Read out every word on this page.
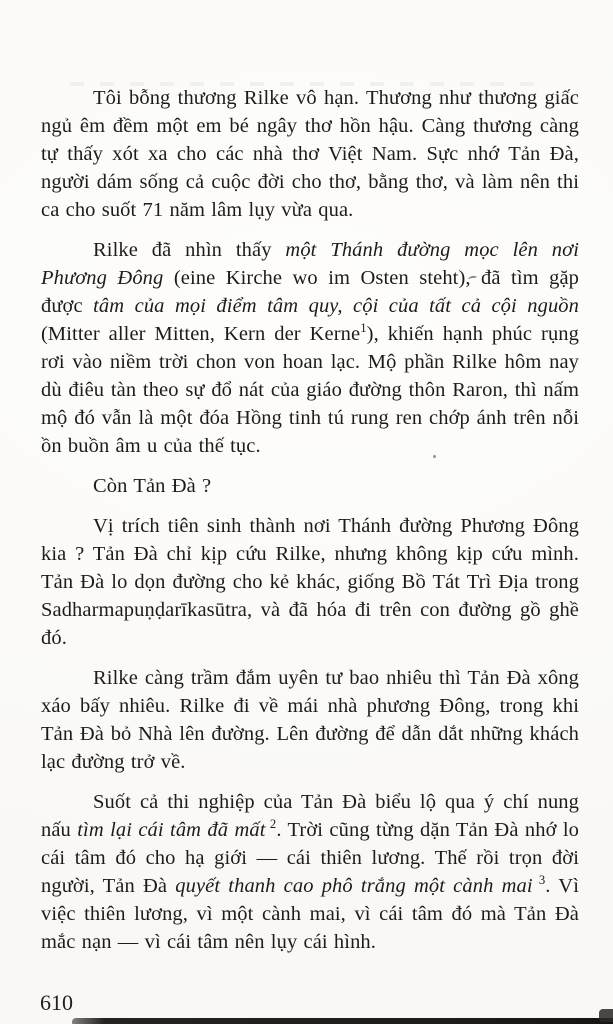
Tôi bỗng thương Rilke vô hạn. Thương như thương giấc ngủ êm đềm một em bé ngây thơ hồn hậu. Càng thương càng tự thấy xót xa cho các nhà thơ Việt Nam. Sực nhớ Tản Đà, người dám sống cả cuộc đời cho thơ, bằng thơ, và làm nên thi ca cho suốt 71 năm lâm lụy vừa qua.

Rilke đã nhìn thấy một Thánh đường mọc lên nơi Phương Đông (eine Kirche wo im Osten steht), đã tìm gặp được tâm của mọi điểm tâm quy, cội của tất cả cội nguồn (Mitter aller Mitten, Kern der Kerne$^1$), khiến hạnh phúc rụng rơi vào niềm trời chon von hoan lạc. Mộ phần Rilke hôm nay dù điêu tàn theo sự đổ nát của giáo đường thôn Raron, thì nấm mộ đó vẫn là một đóa Hồng tinh tú rung ren chớp ánh trên nỗi ồn buồn âm u của thế tục.

Còn Tản Đà ?

Vị trích tiên sinh thành nơi Thánh đường Phương Đông kia ? Tản Đà chỉ kịp cứu Rilke, nhưng không kịp cứu mình. Tản Đà lo dọn đường cho kẻ khác, giống Bồ Tát Trì Địa trong Sadharmapuṇḍarīkasūtra, và đã hóa đi trên con đường gồ ghề đó.

Rilke càng trầm đắm uyên tư bao nhiêu thì Tản Đà xông xáo bấy nhiêu. Rilke đi về mái nhà phương Đông, trong khi Tản Đà bỏ Nhà lên đường. Lên đường để dẫn dắt những khách lạc đường trở về.

Suốt cả thi nghiệp của Tản Đà biểu lộ qua ý chí nung nấu tìm lại cái tâm đã mất $^2$. Trời cũng từng dặn Tản Đà nhớ lo cái tâm đó cho hạ giới — cái thiên lương. Thế rồi trọn đời người, Tản Đà quyết thanh cao phô trắng một cành mai $^3$. Vì việc thiên lương, vì một cành mai, vì cái tâm đó mà Tản Đà mắc nạn — vì cái tâm nên lụy cái hình.

610
